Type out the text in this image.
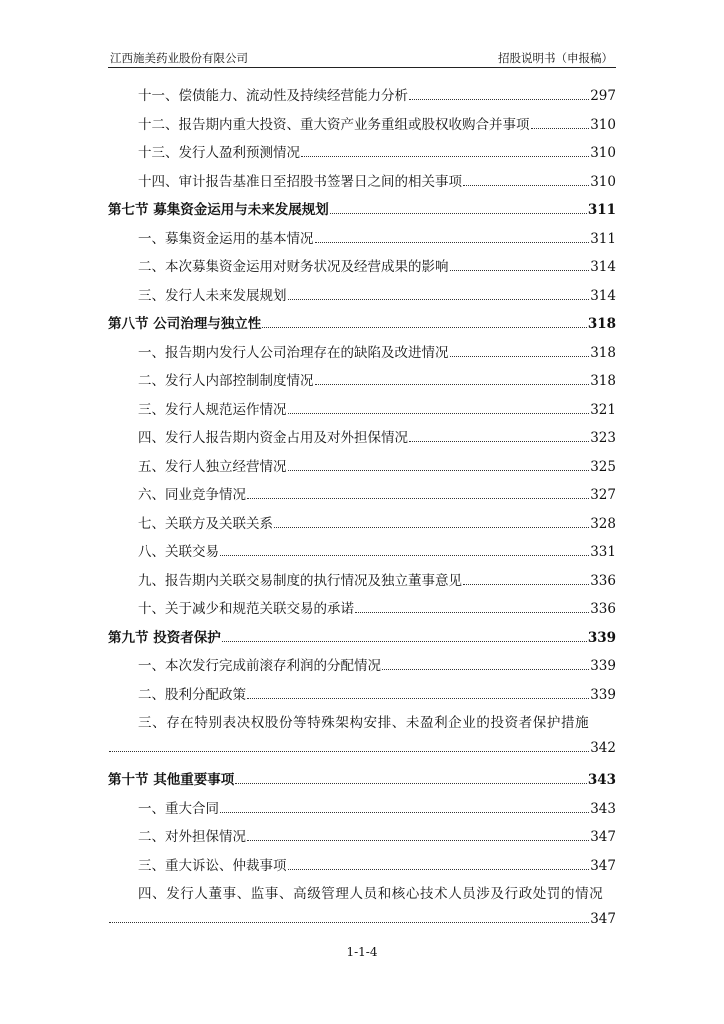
江西施美药业股份有限公司	招股说明书（申报稿）
十一、偿债能力、流动性及持续经营能力分析	297
十二、报告期内重大投资、重大资产业务重组或股权收购合并事项	310
十三、发行人盈利预测情况	310
十四、审计报告基准日至招股书签署日之间的相关事项	310
第七节 募集资金运用与未来发展规划	311
一、募集资金运用的基本情况	311
二、本次募集资金运用对财务状况及经营成果的影响	314
三、发行人未来发展规划	314
第八节 公司治理与独立性	318
一、报告期内发行人公司治理存在的缺陷及改进情况	318
二、发行人内部控制制度情况	318
三、发行人规范运作情况	321
四、发行人报告期内资金占用及对外担保情况	323
五、发行人独立经营情况	325
六、同业竞争情况	327
七、关联方及关联关系	328
八、关联交易	331
九、报告期内关联交易制度的执行情况及独立董事意见	336
十、关于减少和规范关联交易的承诺	336
第九节 投资者保护	339
一、本次发行完成前滚存利润的分配情况	339
二、股利分配政策	339
三、存在特别表决权股份等特殊架构安排、未盈利企业的投资者保护措施
342
第十节 其他重要事项	343
一、重大合同	343
二、对外担保情况	347
三、重大诉讼、仲裁事项	347
四、发行人董事、监事、高级管理人员和核心技术人员涉及行政处罚的情况
347
1-1-4
